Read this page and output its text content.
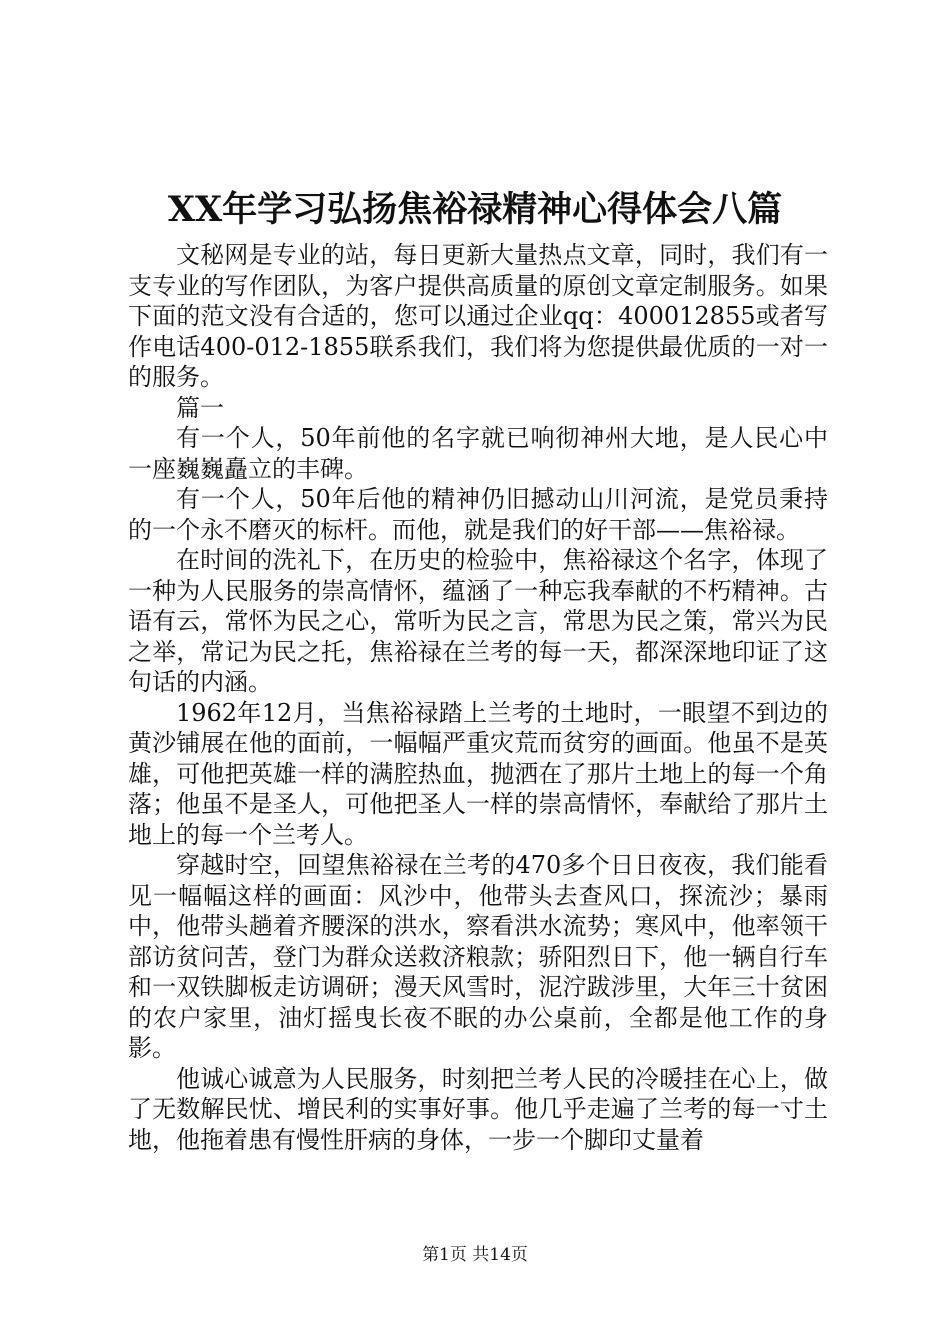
XX年学习弘扬焦裕禄精神心得体会八篇

文秘网是专业的站，每日更新大量热点文章，同时，我们有一支专业的写作团队，为客户提供高质量的原创文章定制服务。如果下面的范文没有合适的，您可以通过企业qq：400012855或者写作电话400-012-1855联系我们，我们将为您提供最优质的一对一的服务。

篇一

有一个人，50年前他的名字就已响彻神州大地，是人民心中一座巍巍矗立的丰碑。

有一个人，50年后他的精神仍旧撼动山川河流，是党员秉持的一个永不磨灭的标杆。而他，就是我们的好干部——焦裕禄。

在时间的洗礼下，在历史的检验中，焦裕禄这个名字，体现了一种为人民服务的崇高情怀，蕴涵了一种忘我奉献的不朽精神。古语有云，常怀为民之心，常听为民之言，常思为民之策，常兴为民之举，常记为民之托，焦裕禄在兰考的每一天，都深深地印证了这句话的内涵。

1962年12月，当焦裕禄踏上兰考的土地时，一眼望不到边的黄沙铺展在他的面前，一幅幅严重灾荒而贫穷的画面。他虽不是英雄，可他把英雄一样的满腔热血，抛洒在了那片土地上的每一个角落；他虽不是圣人，可他把圣人一样的崇高情怀，奉献给了那片土地上的每一个兰考人。

穿越时空，回望焦裕禄在兰考的470多个日日夜夜，我们能看见一幅幅这样的画面：风沙中，他带头去查风口，探流沙；暴雨中，他带头趟着齐腰深的洪水，察看洪水流势；寒风中，他率领干部访贫问苦，登门为群众送救济粮款；骄阳烈日下，他一辆自行车和一双铁脚板走访调研；漫天风雪时，泥泞跋涉里，大年三十贫困的农户家里，油灯摇曳长夜不眠的办公桌前，全都是他工作的身影。

他诚心诚意为人民服务，时刻把兰考人民的冷暖挂在心上，做了无数解民忧、增民利的实事好事。他几乎走遍了兰考的每一寸土地，他拖着患有慢性肝病的身体，一步一个脚印丈量着

第1页 共14页
